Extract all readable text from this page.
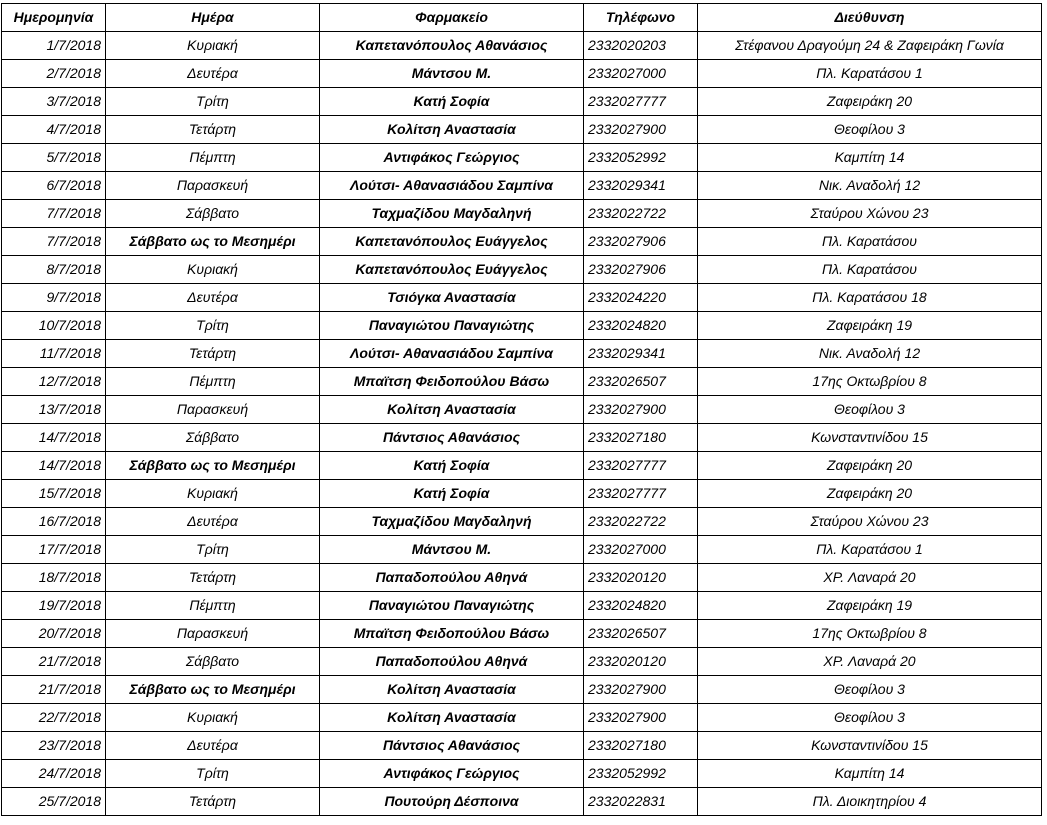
Ημερομηνία	Ημέρα	Φαρμακείο	Τηλέφωνο	Διεύθυνση
1/7/2018	Κυριακή	Καπετανόπουλος Αθανάσιος	2332020203	Στέφανου Δραγούμη 24 & Ζαφειράκη Γωνία
2/7/2018	Δευτέρα	Μάντσου Μ.	2332027000	Πλ. Καρατάσου 1
3/7/2018	Τρίτη	Κατή Σοφία	2332027777	Ζαφειράκη 20
4/7/2018	Τετάρτη	Κολίτση Αναστασία	2332027900	Θεοφίλου 3
5/7/2018	Πέμπτη	Αντιφάκος Γεώργιος	2332052992	Καμπίτη 14
6/7/2018	Παρασκευή	Λούτσι- Αθανασιάδου Σαμπίνα	2332029341	Νικ. Αναδολή 12
7/7/2018	Σάββατο	Ταχμαζίδου Μαγδαληνή	2332022722	Σταύρου Χώνου 23
7/7/2018	Σάββατο ως το Μεσημέρι	Καπετανόπουλος Ευάγγελος	2332027906	Πλ. Καρατάσου
8/7/2018	Κυριακή	Καπετανόπουλος Ευάγγελος	2332027906	Πλ. Καρατάσου
9/7/2018	Δευτέρα	Τσιόγκα Αναστασία	2332024220	Πλ. Καρατάσου 18
10/7/2018	Τρίτη	Παναγιώτου Παναγιώτης	2332024820	Ζαφειράκη 19
11/7/2018	Τετάρτη	Λούτσι- Αθανασιάδου Σαμπίνα	2332029341	Νικ. Αναδολή 12
12/7/2018	Πέμπτη	Μπαϊτση Φειδοπούλου Βάσω	2332026507	17ης Οκτωβρίου 8
13/7/2018	Παρασκευή	Κολίτση Αναστασία	2332027900	Θεοφίλου 3
14/7/2018	Σάββατο	Πάντσιος Αθανάσιος	2332027180	Κωνσταντινίδου 15
14/7/2018	Σάββατο ως το Μεσημέρι	Κατή Σοφία	2332027777	Ζαφειράκη 20
15/7/2018	Κυριακή	Κατή Σοφία	2332027777	Ζαφειράκη 20
16/7/2018	Δευτέρα	Ταχμαζίδου Μαγδαληνή	2332022722	Σταύρου Χώνου 23
17/7/2018	Τρίτη	Μάντσου Μ.	2332027000	Πλ. Καρατάσου 1
18/7/2018	Τετάρτη	Παπαδοπούλου Αθηνά	2332020120	ΧΡ. Λαναρά 20
19/7/2018	Πέμπτη	Παναγιώτου Παναγιώτης	2332024820	Ζαφειράκη 19
20/7/2018	Παρασκευή	Μπαϊτση Φειδοπούλου Βάσω	2332026507	17ης Οκτωβρίου 8
21/7/2018	Σάββατο	Παπαδοπούλου Αθηνά	2332020120	ΧΡ. Λαναρά 20
21/7/2018	Σάββατο ως το Μεσημέρι	Κολίτση Αναστασία	2332027900	Θεοφίλου 3
22/7/2018	Κυριακή	Κολίτση Αναστασία	2332027900	Θεοφίλου 3
23/7/2018	Δευτέρα	Πάντσιος Αθανάσιος	2332027180	Κωνσταντινίδου 15
24/7/2018	Τρίτη	Αντιφάκος Γεώργιος	2332052992	Καμπίτη 14
25/7/2018	Τετάρτη	Πουτούρη Δέσποινα	2332022831	Πλ. Διοικητηρίου 4
